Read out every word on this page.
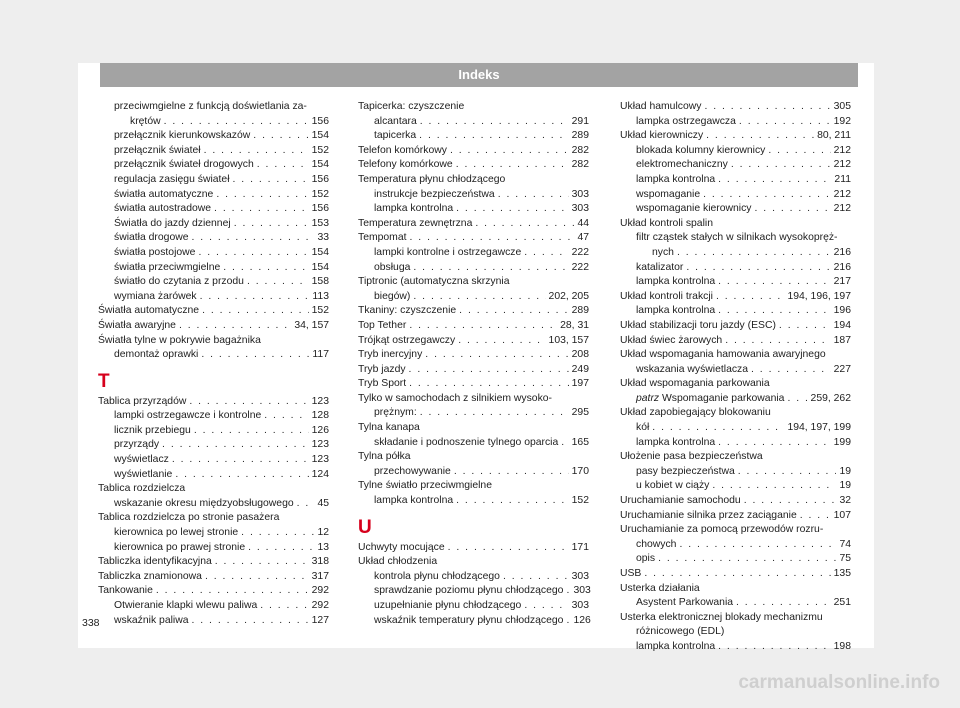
Indeks
przeciwmgielne z funkcją doświetlania za-
krętów . . .	156
przełącznik kierunkowskazów . . .	154
przełącznik świateł . . .	152
przełącznik świateł drogowych . . .	154
regulacja zasięgu świateł . . .	156
światła automatyczne . . .	152
światła autostradowe . . .	156
Światła do jazdy dziennej . . .	153
światła drogowe . . .	33
światła postojowe . . .	154
światła przeciwmgielne . . .	154
światło do czytania z przodu . . .	158
wymiana żarówek . . .	113
Światła automatyczne . . .	152
Światła awaryjne . . .	34, 157
Światła tylne w pokrywie bagażnika
demontaż oprawki . . .	117
T
Tablica przyrządów . . .	123
lampki ostrzegawcze i kontrolne . . .	128
licznik przebiegu . . .	126
przyrządy . . .	123
wyświetlacz . . .	123
wyświetlanie . . .	124
Tablica rozdzielcza
wskazanie okresu międzyobsługowego . . . 45
Tablica rozdzielcza po stronie pasażera
kierownica po lewej stronie . . .	12
kierownica po prawej stronie . . .	13
Tabliczka identyfikacyjna . . .	318
Tabliczka znamionowa . . .	317
Tankowanie . . .	292
Otwieranie klapki wlewu paliwa . . .	292
wskaźnik paliwa . . .	127
Tapicerka: czyszczenie
alcantara . . .	291
tapicerka . . .	289
Telefon komórkowy . . .	282
Telefony komórkowe . . .	282
Temperatura płynu chłodzącego
instrukcje bezpieczeństwa . . .	303
lampka kontrolna . . .	303
Temperatura zewnętrzna . . .	44
Tempomat . . .	47
lampki kontrolne i ostrzegawcze . . .	222
obsługa . . .	222
Tiptronic (automatyczna skrzynia
biegów) . . .	202, 205
Tkaniny: czyszczenie . . .	289
Top Tether . . .	28, 31
Trójkąt ostrzegawczy . . .	103, 157
Tryb inercyjny . . .	208
Tryb jazdy . . .	249
Tryb Sport . . .	197
Tylko w samochodach z silnikiem wysoko-
prężnym: . . .	295
Tylna kanapa
składanie i podnoszenie tylnego oparcia . . . 165
Tylna półka
przechowywanie . . .	170
Tylne światło przeciwmgielne
lampka kontrolna . . .	152
U
Uchwyty mocujące . . .	171
Układ chłodzenia
kontrola płynu chłodzącego . . .	303
sprawdzanie poziomu płynu chłodzącego . . . 303
uzupełnianie płynu chłodzącego . . .	303
wskaźnik temperatury płynu chłodzącego . . . 126
Układ hamulcowy . . .	305
lampka ostrzegawcza . . .	192
Układ kierowniczy . . .	80, 211
blokada kolumny kierownicy . . .	212
elektromechaniczny . . .	212
lampka kontrolna . . .	211
wspomaganie . . .	212
wspomaganie kierownicy . . .	212
Układ kontroli spalin
filtr cząstek stałych w silnikach wysokopręż-
nych . . .	216
katalizator . . .	216
lampka kontrolna . . .	217
Układ kontroli trakcji . . .	194, 196, 197
lampka kontrolna . . .	196
Układ stabilizacji toru jazdy (ESC) . . .	194
Układ świec żarowych . . .	187
Układ wspomagania hamowania awaryjnego
wskazania wyświetlacza . . .	227
Układ wspomagania parkowania
patrz Wspomaganie parkowania . . .	259, 262
Układ zapobiegający blokowaniu
kół . . .	194, 197, 199
lampka kontrolna . . .	199
Ułożenie pasa bezpieczeństwa
pasy bezpieczeństwa . . .	19
u kobiet w ciąży . . .	19
Uruchamianie samochodu . . .	32
Uruchamianie silnika przez zaciąganie . . .	107
Uruchamianie za pomocą przewodów rozru-
chowych . . .	74
opis . . .	75
USB . . .	135
Usterka działania
Asystent Parkowania . . .	251
Usterka elektronicznej blokady mechanizmu
różnicowego (EDL)
lampka kontrolna . . .	198
338
carmanualsonline.info
